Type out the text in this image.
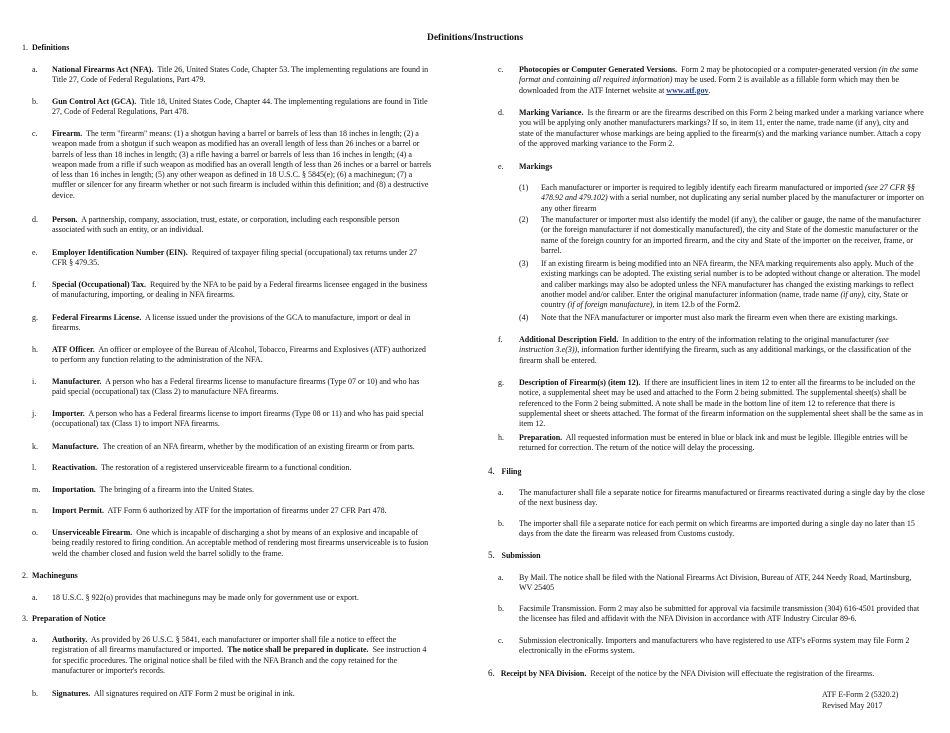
Definitions/Instructions
1. Definitions
a. National Firearms Act (NFA). Title 26, United States Code, Chapter 53. The implementing regulations are found in Title 27, Code of Federal Regulations, Part 479.
b. Gun Control Act (GCA). Title 18, United States Code, Chapter 44. The implementing regulations are found in Title 27, Code of Federal Regulations, Part 478.
c. Firearm. The term "firearm" means: (1) a shotgun having a barrel or barrels of less than 18 inches in length; (2) a weapon made from a shotgun if such weapon as modified has an overall length of less than 26 inches or a barrel or barrels of less than 18 inches in length; (3) a rifle having a barrel or barrels of less than 16 inches in length; (4) a weapon made from a rifle if such weapon as modified has an overall length of less than 26 inches or a barrel or barrels of less than 16 inches in length; (5) any other weapon as defined in 18 U.S.C. § 5845(e); (6) a machinegun; (7) a muffler or silencer for any firearm whether or not such firearm is included within this definition; and (8) a destructive device.
d. Person. A partnership, company, association, trust, estate, or corporation, including each responsible person associated with such an entity, or an individual.
e. Employer Identification Number (EIN). Required of taxpayer filing special (occupational) tax returns under 27 CFR § 479.35.
f. Special (Occupational) Tax. Required by the NFA to be paid by a Federal firearms licensee engaged in the business of manufacturing, importing, or dealing in NFA firearms.
g. Federal Firearms License. A license issued under the provisions of the GCA to manufacture, import or deal in firearms.
h. ATF Officer. An officer or employee of the Bureau of Alcohol, Tobacco, Firearms and Explosives (ATF) authorized to perform any function relating to the administration of the NFA.
i. Manufacturer. A person who has a Federal firearms license to manufacture firearms (Type 07 or 10) and who has paid special (occupational) tax (Class 2) to manufacture NFA firearms.
j. Importer. A person who has a Federal firearms license to import firearms (Type 08 or 11) and who has paid special (occupational) tax (Class 1) to import NFA firearms.
k. Manufacture. The creation of an NFA firearm, whether by the modification of an existing firearm or from parts.
l. Reactivation. The restoration of a registered unserviceable firearm to a functional condition.
m. Importation. The bringing of a firearm into the United States.
n. Import Permit. ATF Form 6 authorized by ATF for the importation of firearms under 27 CFR Part 478.
o. Unserviceable Firearm. One which is incapable of discharging a shot by means of an explosive and incapable of being readily restored to firing condition. An acceptable method of rendering most firearms unserviceable is to fusion weld the chamber closed and fusion weld the barrel solidly to the frame.
2. Machineguns
a. 18 U.S.C. § 922(o) provides that machineguns may be made only for government use or export.
3. Preparation of Notice
a. Authority. As provided by 26 U.S.C. § 5841, each manufacturer or importer shall file a notice to effect the registration of all firearms manufactured or imported. The notice shall be prepared in duplicate. See instruction 4 for specific procedures. The original notice shall be filed with the NFA Branch and the copy retained for the manufacturer or importer's records.
b. Signatures. All signatures required on ATF Form 2 must be original in ink.
c. Photocopies or Computer Generated Versions. Form 2 may be photocopied or a computer-generated version (in the same format and containing all required information) may be used. Form 2 is available as a fillable form which may then be downloaded from the ATF Internet website at www.atf.gov.
d. Marking Variance. Is the firearm or are the firearms described on this Form 2 being marked under a marking variance where you will be applying only another manufacturers markings? If so, in item 11, enter the name, trade name (if any), city and state of the manufacturer whose markings are being applied to the firearm(s) and the marking variance number. Attach a copy of the approved marking variance to the Form 2.
e. Markings
(1) Each manufacturer or importer is required to legibly identify each firearm manufactured or imported (see 27 CFR §§ 478.92 and 479.102) with a serial number, not duplicating any serial number placed by the manufacturer or importer on any other firearm
(2) The manufacturer or importer must also identify the model (if any), the caliber or gauge, the name of the manufacturer (or the foreign manufacturer if not domestically manufactured), the city and State of the domestic manufacturer or the name of the foreign country for an imported firearm, and the city and State of the importer on the receiver, frame, or barrel.
(3) If an existing firearm is being modified into an NFA firearm, the NFA marking requirements also apply. Much of the existing markings can be adopted. The existing serial number is to be adopted without change or alteration. The model and caliber markings may also be adopted unless the NFA manufacturer has changed the existing markings to reflect another model and/or caliber. Enter the original manufacturer information (name, trade name (if any), city, State or country (if of foreign manufacture), in item 12.b of the Form2.
(4) Note that the NFA manufacturer or importer must also mark the firearm even when there are existing markings.
f. Additional Description Field. In addition to the entry of the information relating to the original manufacturer (see instruction 3.e(3)), information further identifying the firearm, such as any additional markings, or the classification of the firearm shall be entered.
g. Description of Firearm(s) (item 12). If there are insufficient lines in item 12 to enter all the firearms to be included on the notice, a supplemental sheet may be used and attached to the Form 2 being submitted. The supplemental sheet(s) shall be referenced to the Form 2 being submitted. A note shall be made in the bottom line of item 12 to reference that there is supplemental sheet or sheets attached. The format of the firearm information on the supplemental sheet shall be the same as in item 12.
h. Preparation. All requested information must be entered in blue or black ink and must be legible. Illegible entries will be returned for correction. The return of the notice will delay the processing.
4. Filing
a. The manufacturer shall file a separate notice for firearms manufactured or firearms reactivated during a single day by the close of the next business day.
b. The importer shall file a separate notice for each permit on which firearms are imported during a single day no later than 15 days from the date the firearm was released from Customs custody.
5. Submission
a. By Mail. The notice shall be filed with the National Firearms Act Division, Bureau of ATF, 244 Needy Road, Martinsburg, WV 25405
b. Facsimile Transmission. Form 2 may also be submitted for approval via facsimile transmission (304) 616-4501 provided that the licensee has filed and affidavit with the NFA Division in accordance with ATF Industry Circular 89-6.
c. Submission electronically. Importers and manufacturers who have registered to use ATF's eForms system may file Form 2 electronically in the eForms system.
6. Receipt by NFA Division. Receipt of the notice by the NFA Division will effectuate the registration of the firearms.
ATF E-Form 2 (5320.2)
Revised May 2017
